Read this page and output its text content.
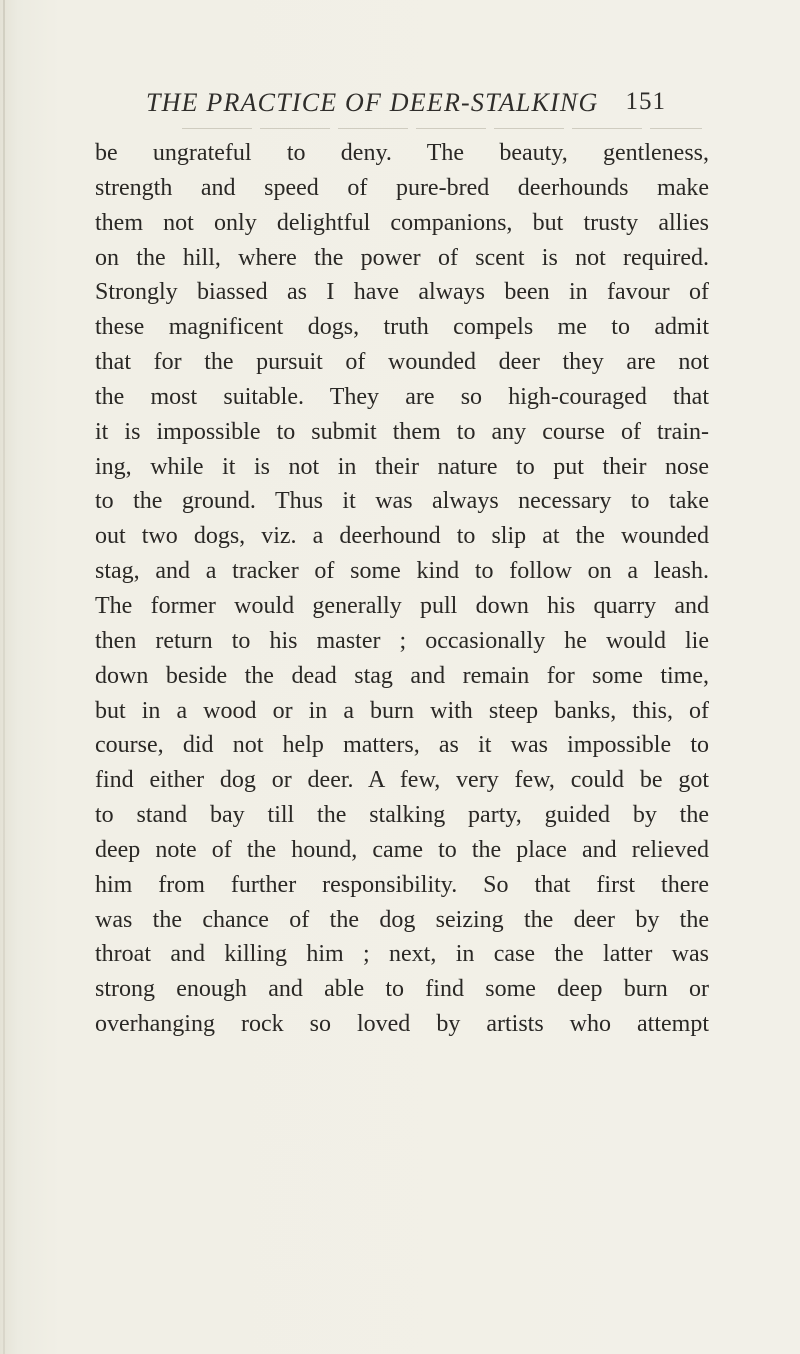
THE PRACTICE OF DEER-STALKING 151
be ungrateful to deny. The beauty, gentleness,
strength and speed of pure-bred deerhounds make
them not only delightful companions, but trusty allies
on the hill, where the power of scent is not required.
Strongly biassed as I have always been in favour of
these magnificent dogs, truth compels me to admit
that for the pursuit of wounded deer they are not
the most suitable. They are so high-couraged that
it is impossible to submit them to any course of train-
ing, while it is not in their nature to put their nose
to the ground. Thus it was always necessary to take
out two dogs, viz. a deerhound to slip at the wounded
stag, and a tracker of some kind to follow on a leash.
The former would generally pull down his quarry and
then return to his master ; occasionally he would lie
down beside the dead stag and remain for some time,
but in a wood or in a burn with steep banks, this, of
course, did not help matters, as it was impossible to
find either dog or deer. A few, very few, could be got
to stand bay till the stalking party, guided by the
deep note of the hound, came to the place and relieved
him from further responsibility. So that first there
was the chance of the dog seizing the deer by the
throat and killing him ; next, in case the latter was
strong enough and able to find some deep burn or
overhanging rock so loved by artists who attempt
